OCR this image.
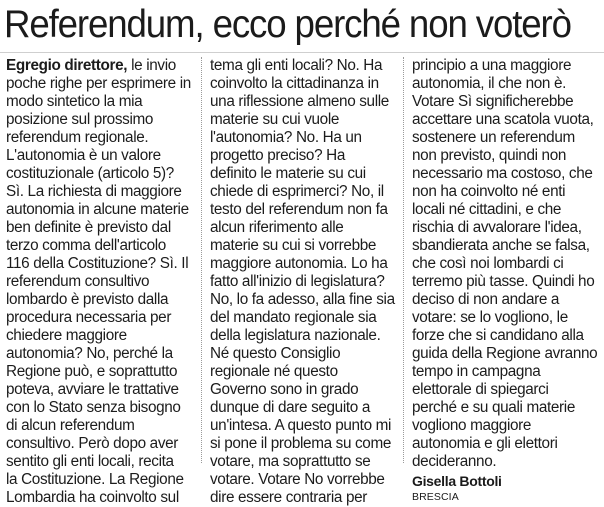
Referendum, ecco perché non voterò
Egregio direttore, le invio
poche righe per esprimere in
modo sintetico la mia
posizione sul prossimo
referendum regionale.
L'autonomia è un valore
costituzionale (articolo 5)?
Sì. La richiesta di maggiore
autonomia in alcune materie
ben definite è previsto dal
terzo comma dell'articolo
116 della Costituzione? Sì. Il
referendum consultivo
lombardo è previsto dalla
procedura necessaria per
chiedere maggiore
autonomia? No, perché la
Regione può, e soprattutto
poteva, avviare le trattative
con lo Stato senza bisogno
di alcun referendum
consultivo. Però dopo aver
sentito gli enti locali, recita
la Costituzione. La Regione
Lombardia ha coinvolto sul
tema gli enti locali? No. Ha
coinvolto la cittadinanza in
una riflessione almeno sulle
materie su cui vuole
l'autonomia? No. Ha un
progetto preciso? Ha
definito le materie su cui
chiede di esprimerci? No, il
testo del referendum non fa
alcun riferimento alle
materie su cui si vorrebbe
maggiore autonomia. Lo ha
fatto all'inizio di legislatura?
No, lo fa adesso, alla fine sia
del mandato regionale sia
della legislatura nazionale.
Né questo Consiglio
regionale né questo
Governo sono in grado
dunque di dare seguito a
un'intesa. A questo punto mi
si pone il problema su come
votare, ma soprattutto se
votare. Votare No vorrebbe
dire essere contraria per
principio a una maggiore
autonomia, il che non è.
Votare Sì significherebbe
accettare una scatola vuota,
sostenere un referendum
non previsto, quindi non
necessario ma costoso, che
non ha coinvolto né enti
locali né cittadini, e che
rischia di avvalorare l'idea,
sbandierata anche se falsa,
che così noi lombardi ci
terremo più tasse. Quindi ho
deciso di non andare a
votare: se lo vogliono, le
forze che si candidano alla
guida della Regione avranno
tempo in campagna
elettorale di spiegarci
perché e su quali materie
vogliono maggiore
autonomia e gli elettori
decideranno.
Gisella Bottoli
BRESCIA
